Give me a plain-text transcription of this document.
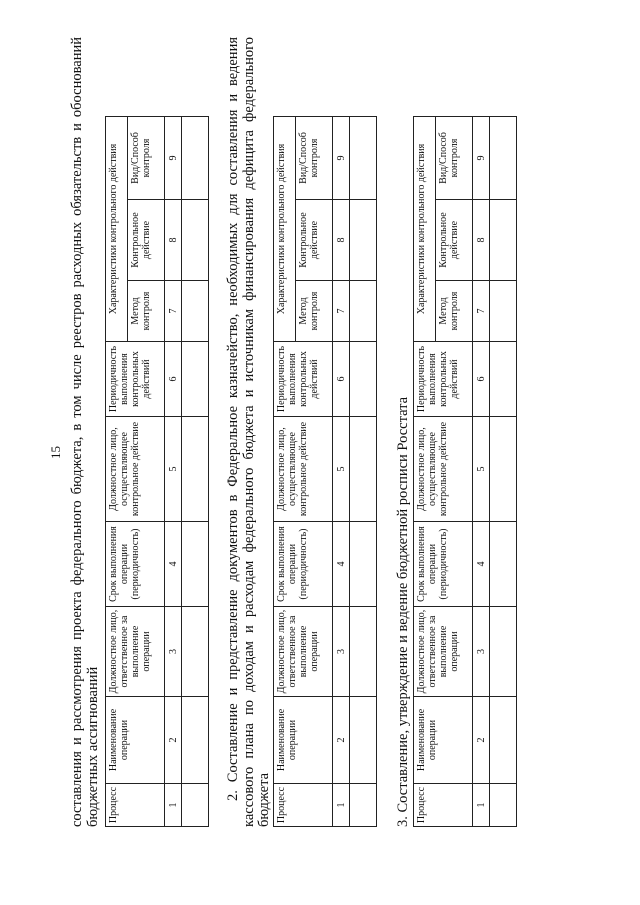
15 составления и рассмотрения проекта федерального бюджета, в том числе реестров расходных обязательств и обоснований бюджетных ассигнований Процесс	Наименование операции	Должностное лицо, ответственное за выполнение операции	Срок выполнения операции (периодичность)	Должностное лицо, осуществляющее контрольное действие	Периодичность выполнения контрольных действий	Характеристики контрольного действия		
						Метод контроля	Контрольное действие	Вид/Способ контроля
1	2	3	4	5	6	7	8	9
									2. Составление и представление документов в Федеральное казначейство, необходимых для составления и ведения кассового плана по доходам и расходам федерального бюджета и источникам финансирования дефицита федерального бюджета Процесс	Наименование операции	Должностное лицо, ответственное за выполнение операции	Срок выполнения операции (периодичность)	Должностное лицо, осуществляющее контрольное действие	Периодичность выполнения контрольных действий	Характеристики контрольного действия		
						Метод контроля	Контрольное действие	Вид/Способ контроля
1	2	3	4	5	6	7	8	9

3. Составление, утверждение и ведение бюджетной росписи Росстата Процесс	Наименование операции	Должностное лицо, ответственное за выполнение операции	Срок выполнения операции (периодичность)	Должностное лицо, осуществляющее контрольное действие	Периодичность выполнения контрольных действий	Характеристики контрольного действия		
						Метод контроля	Контрольное действие	Вид/Способ контроля
1	2	3	4	5	6	7	8	9
